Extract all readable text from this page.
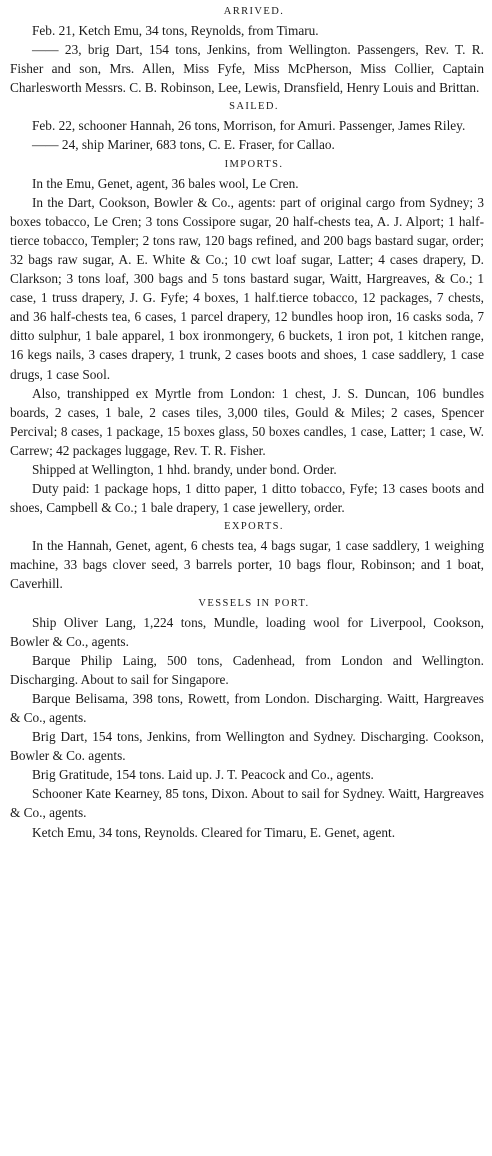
ARRIVED.

Feb. 21, Ketch Emu, 34 tons, Reynolds, from Timaru.

—— 23, brig Dart, 154 tons, Jenkins, from Wellington. Passengers, Rev. T. R. Fisher and son, Mrs. Allen, Miss Fyfe, Miss McPherson, Miss Collier, Captain Charlesworth Messrs. C. B. Robinson, Lee, Lewis, Dransfield, Henry Louis and Brittan.

SAILED.

Feb. 22, schooner Hannah, 26 tons, Morrison, for Amuri. Passenger, James Riley.

—— 24, ship Mariner, 683 tons, C. E. Fraser, for Callao.

IMPORTS.

In the Emu, Genet, agent, 36 bales wool, Le Cren.

In the Dart, Cookson, Bowler & Co., agents: part of original cargo from Sydney; 3 boxes tobacco, Le Cren; 3 tons Cossipore sugar, 20 half-chests tea, A. J. Alport; 1 half-tierce tobacco, Templer; 2 tons raw, 120 bags refined, and 200 bags bastard sugar, order; 32 bags raw sugar, A. E. White & Co.; 10 cwt loaf sugar, Latter; 4 cases drapery, D. Clarkson; 3 tons loaf, 300 bags and 5 tons bastard sugar, Waitt, Hargreaves, & Co.; 1 case, 1 truss drapery, J. G. Fyfe; 4 boxes, 1 half.tierce tobacco, 12 packages, 7 chests, and 36 half-chests tea, 6 cases, 1 parcel drapery, 12 bundles hoop iron, 16 casks soda, 7 ditto sulphur, 1 bale apparel, 1 box ironmongery, 6 buckets, 1 iron pot, 1 kitchen range, 16 kegs nails, 3 cases drapery, 1 trunk, 2 cases boots and shoes, 1 case saddlery, 1 case drugs, 1 case Sool.

Also, transhipped ex Myrtle from London: 1 chest, J. S. Duncan, 106 bundles boards, 2 cases, 1 bale, 2 cases tiles, 3,000 tiles, Gould & Miles; 2 cases, Spencer Percival; 8 cases, 1 package, 15 boxes glass, 50 boxes candles, 1 case, Latter; 1 case, W. Carrew; 42 packages luggage, Rev. T. R. Fisher.

Shipped at Wellington, 1 hhd. brandy, under bond. Order.

Duty paid: 1 package hops, 1 ditto paper, 1 ditto tobacco, Fyfe; 13 cases boots and shoes, Campbell & Co.; 1 bale drapery, 1 case jewellery, order.

EXPORTS.

In the Hannah, Genet, agent, 6 chests tea, 4 bags sugar, 1 case saddlery, 1 weighing machine, 33 bags clover seed, 3 barrels porter, 10 bags flour, Robinson; and 1 boat, Caverhill.

VESSELS IN PORT.

Ship Oliver Lang, 1,224 tons, Mundle, loading wool for Liverpool, Cookson, Bowler & Co., agents.

Barque Philip Laing, 500 tons, Cadenhead, from London and Wellington. Discharging. About to sail for Singapore.

Barque Belisama, 398 tons, Rowett, from London. Discharging. Waitt, Hargreaves & Co., agents.

Brig Dart, 154 tons, Jenkins, from Wellington and Sydney. Discharging. Cookson, Bowler & Co. agents.

Brig Gratitude, 154 tons. Laid up. J. T. Peacock and Co., agents.

Schooner Kate Kearney, 85 tons, Dixon. About to sail for Sydney. Waitt, Hargreaves & Co., agents.

Ketch Emu, 34 tons, Reynolds. Cleared for Timaru, E. Genet, agent.
